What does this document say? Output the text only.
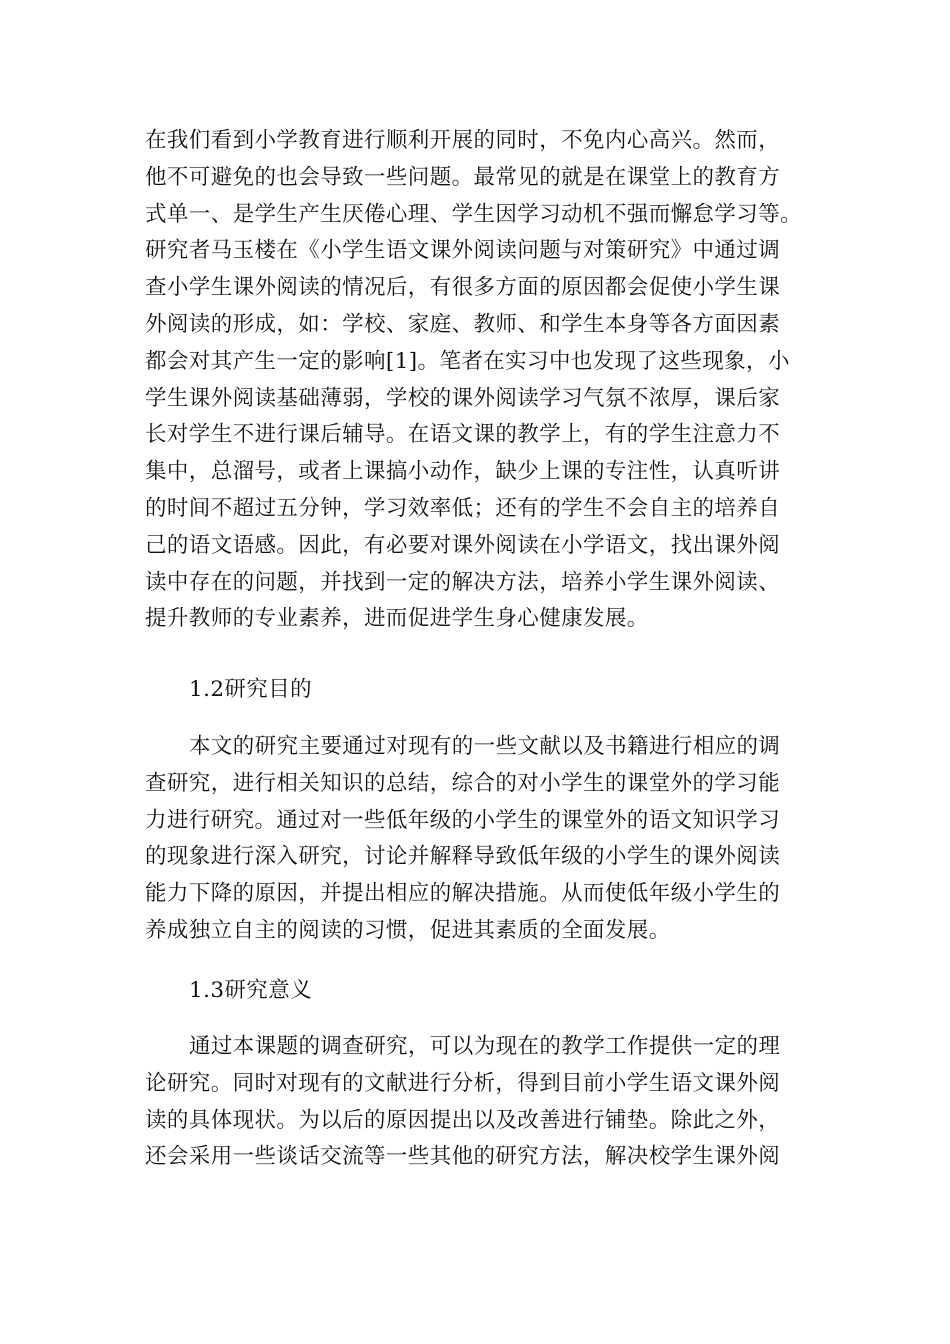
在我们看到小学教育进行顺利开展的同时，不免内心高兴。然而，
他不可避免的也会导致一些问题。最常见的就是在课堂上的教育方
式单一、是学生产生厌倦心理、学生因学习动机不强而懈怠学习等。
研究者马玉楼在《小学生语文课外阅读问题与对策研究》中通过调
查小学生课外阅读的情况后，有很多方面的原因都会促使小学生课
外阅读的形成，如：学校、家庭、教师、和学生本身等各方面因素
都会对其产生一定的影响[1]。笔者在实习中也发现了这些现象，小
学生课外阅读基础薄弱，学校的课外阅读学习气氛不浓厚，课后家
长对学生不进行课后辅导。在语文课的教学上，有的学生注意力不
集中，总溜号，或者上课搞小动作，缺少上课的专注性，认真听讲
的时间不超过五分钟，学习效率低；还有的学生不会自主的培养自
己的语文语感。因此，有必要对课外阅读在小学语文，找出课外阅
读中存在的问题，并找到一定的解决方法，培养小学生课外阅读、
提升教师的专业素养，进而促进学生身心健康发展。
1.2研究目的
本文的研究主要通过对现有的一些文献以及书籍进行相应的调
查研究，进行相关知识的总结，综合的对小学生的课堂外的学习能
力进行研究。通过对一些低年级的小学生的课堂外的语文知识学习
的现象进行深入研究，讨论并解释导致低年级的小学生的课外阅读
能力下降的原因，并提出相应的解决措施。从而使低年级小学生的
养成独立自主的阅读的习惯，促进其素质的全面发展。
1.3研究意义
通过本课题的调查研究，可以为现在的教学工作提供一定的理
论研究。同时对现有的文献进行分析，得到目前小学生语文课外阅
读的具体现状。为以后的原因提出以及改善进行铺垫。除此之外，
还会采用一些谈话交流等一些其他的研究方法，解决校学生课外阅
